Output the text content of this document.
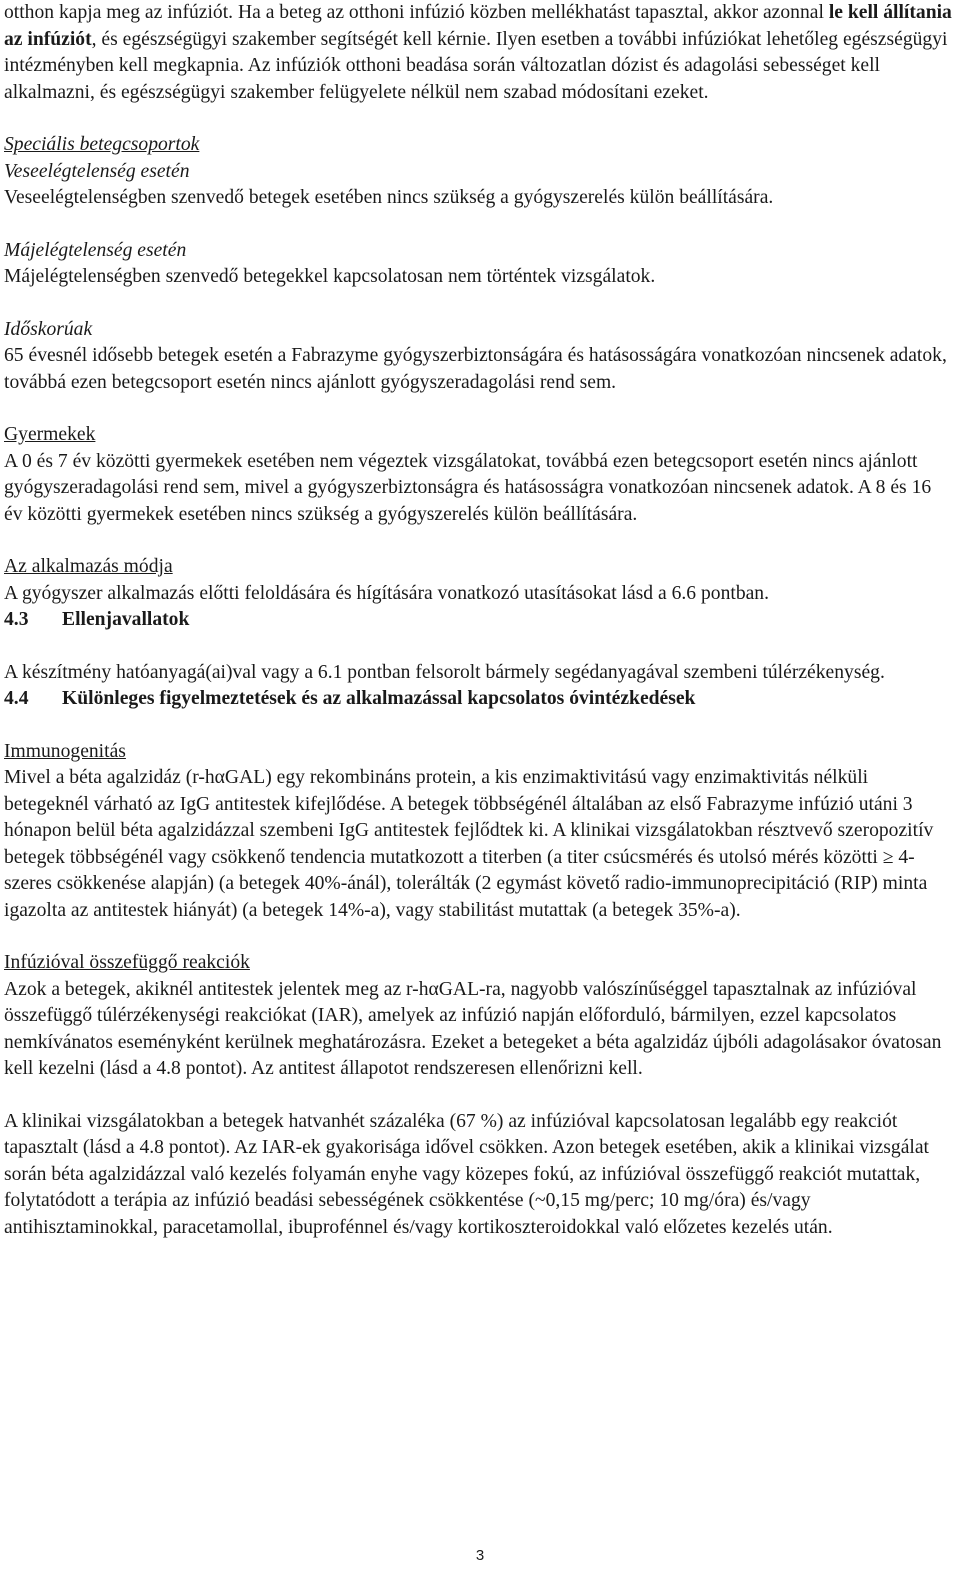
otthon kapja meg az infúziót. Ha a beteg az otthoni infúzió közben mellékhatást tapasztal, akkor azonnal le kell állítania az infúziót, és egészségügyi szakember segítségét kell kérnie. Ilyen esetben a további infúziókat lehetőleg egészségügyi intézményben kell megkapnia. Az infúziók otthoni beadása során változatlan dózist és adagolási sebességet kell alkalmazni, és egészségügyi szakember felügyelete nélkül nem szabad módosítani ezeket.

Speciális betegcsoportok

Veseelégtelenség esetén

Veseelégtelenségben szenvedő betegek esetében nincs szükség a gyógyszerelés külön beállítására.

Májelégtelenség esetén

Májelégtelenségben szenvedő betegekkel kapcsolatosan nem történtek vizsgálatok.

Időskorúak

65 évesnél idősebb betegek esetén a Fabrazyme gyógyszerbiztonságára és hatásosságára vonatkozóan nincsenek adatok, továbbá ezen betegcsoport esetén nincs ajánlott gyógyszeradagolási rend sem.

Gyermekek

A 0 és 7 év közötti gyermekek esetében nem végeztek vizsgálatokat, továbbá ezen betegcsoport esetén nincs ajánlott gyógyszeradagolási rend sem, mivel a gyógyszerbiztonságra és hatásosságra vonatkozóan nincsenek adatok. A 8 és 16 év közötti gyermekek esetében nincs szükség a gyógyszerelés külön beállítására.

Az alkalmazás módja

A gyógyszer alkalmazás előtti feloldására és hígítására vonatkozó utasításokat lásd a 6.6 pontban.

4.3 Ellenjavallatok

A készítmény hatóanyagá(ai)val vagy a 6.1 pontban felsorolt bármely segédanyagával szembeni túlérzékenység.

4.4 Különleges figyelmeztetések és az alkalmazással kapcsolatos óvintézkedések

Immunogenitás

Mivel a béta agalzidáz (r-hαGAL) egy rekombináns protein, a kis enzimaktivitású vagy enzimaktivitás nélküli betegeknél várható az IgG antitestek kifejlődése. A betegek többségénél általában az első Fabrazyme infúzió utáni 3 hónapon belül béta agalzidázzal szembeni IgG antitestek fejlődtek ki. A klinikai vizsgálatokban résztvevő szeropozitív betegek többségénél vagy csökkenő tendencia mutatkozott a titerben (a titer csúcsmérés és utolsó mérés közötti ≥ 4-szeres csökkenése alapján) (a betegek 40%-ánál), tolerálták (2 egymást követő radio-immunoprecipitáció (RIP) minta igazolta az antitestek hiányát) (a betegek 14%-a), vagy stabilitást mutattak (a betegek 35%-a).

Infúzióval összefüggő reakciók

Azok a betegek, akiknél antitestek jelentek meg az r-hαGAL-ra, nagyobb valószínűséggel tapasztalnak az infúzióval összefüggő túlérzékenységi reakciókat (IAR), amelyek az infúzió napján előforduló, bármilyen, ezzel kapcsolatos nemkívánatos eseményként kerülnek meghatározásra. Ezeket a betegeket a béta agalzidáz újbóli adagolásakor óvatosan kell kezelni (lásd a 4.8 pontot). Az antitest állapotot rendszeresen ellenőrizni kell.

A klinikai vizsgálatokban a betegek hatvanhét százaléka (67 %) az infúzióval kapcsolatosan legalább egy reakciót tapasztalt (lásd a 4.8 pontot). Az IAR-ek gyakorisága idővel csökken. Azon betegek esetében, akik a klinikai vizsgálat során béta agalzidázzal való kezelés folyamán enyhe vagy közepes fokú, az infúzióval összefüggő reakciót mutattak, folytatódott a terápia az infúzió beadási sebességének csökkentése (~0,15 mg/perc; 10 mg/óra) és/vagy antihisztaminokkal, paracetamollal, ibuprofénnel és/vagy kortikoszteroidokkal való előzetes kezelés után.

3
